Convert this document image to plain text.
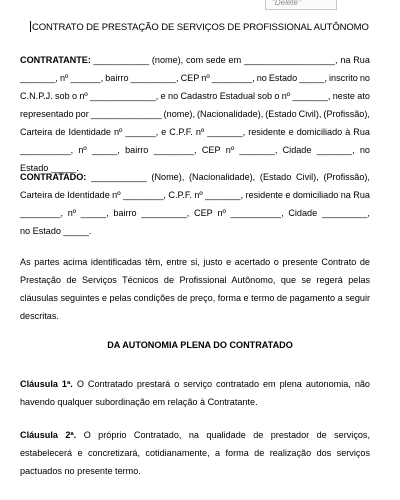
"Delete"
CONTRATO DE PRESTAÇÃO DE SERVIÇOS DE PROFISSIONAL AUTÔNOMO
CONTRATANTE: ___________ (nome), com sede em __________________, na Rua
_______, nº ______, bairro _________, CEP nº ________, no Estado _____, inscrito no
C.N.P.J. sob o nº _____________, e no Cadastro Estadual sob o nº _______, neste ato
representado por ______________ (nome), (Nacionalidade), (Estado Civil), (Profissão),
Carteira de Identidade nº ______, e C.P.F. nº _______, residente e domiciliado à Rua
__________, nº _____, bairro ________, CEP nº _______, Cidade _______, no
Estado _____.
CONTRATADO: ___________ (Nome), (Nacionalidade), (Estado Civil), (Profissão),
Carteira de Identidade nº ________, C.P.F. nº _______, residente e domiciliado na Rua
________, nº _____, bairro _________, CEP nº __________, Cidade _________,
no Estado _____.
As partes acima identificadas têm, entre si, justo e acertado o presente Contrato de Prestação de Serviços Técnicos de Profissional Autônomo, que se regerá pelas cláusulas seguintes e pelas condições de preço, forma e termo de pagamento a seguir descritas.
DA AUTONOMIA PLENA DO CONTRATADO
Cláusula 1ª. O Contratado prestará o serviço contratado em plena autonomia, não havendo qualquer subordinação em relação à Contratante.
Cláusula 2ª. O próprio Contratado, na qualidade de prestador de serviços, estabelecerá e concretizará, cotidianamente, a forma de realização dos serviços pactuados no presente termo.
